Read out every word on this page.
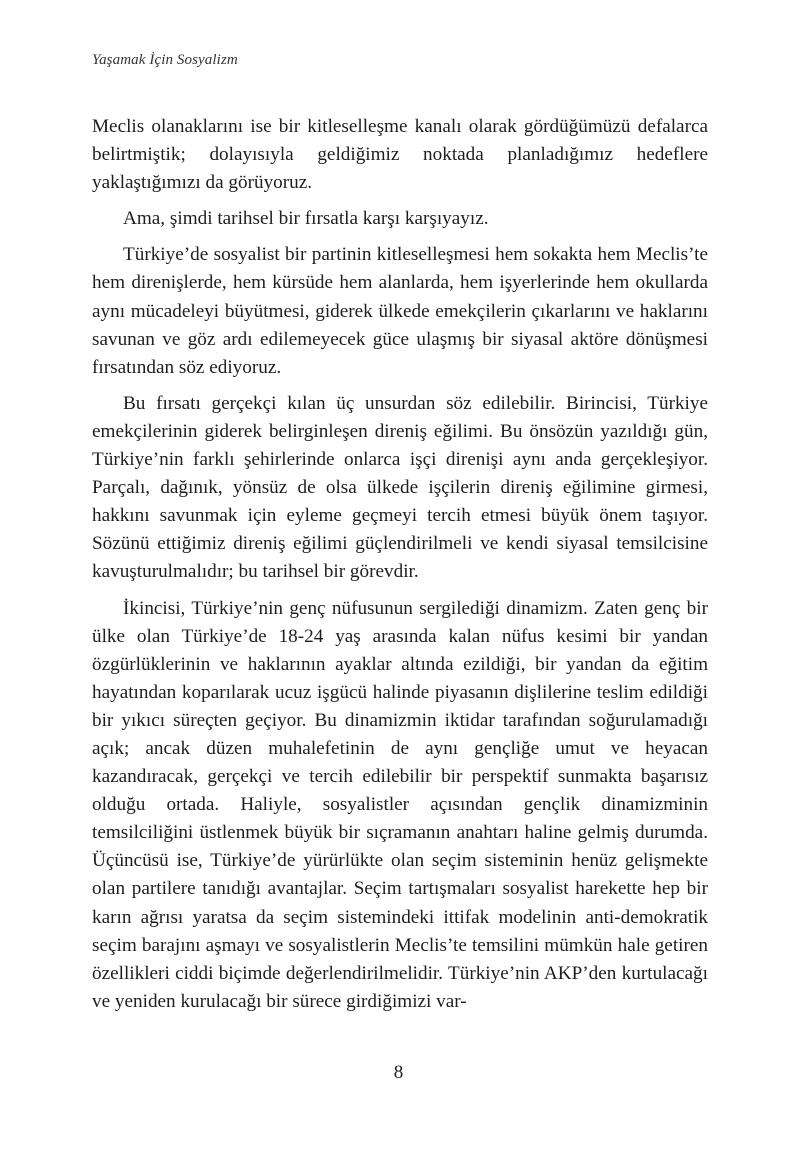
Yaşamak İçin Sosyalizm

Meclis olanaklarını ise bir kitleselleşme kanalı olarak gördüğümüzü defalarca belirtmiştik; dolayısıyla geldiğimiz noktada planladığımız hedeflere yaklaştığımızı da görüyoruz.

Ama, şimdi tarihsel bir fırsatla karşı karşıyayız.

Türkiye’de sosyalist bir partinin kitleselleşmesi hem sokakta hem Meclis’te hem direnişlerde, hem kürsüde hem alanlarda, hem işyerlerinde hem okullarda aynı mücadeleyi büyütmesi, giderek ülkede emekçilerin çıkarlarını ve haklarını savunan ve göz ardı edilemeyecek güce ulaşmış bir siyasal aktöre dönüşmesi fırsatından söz ediyoruz.

Bu fırsatı gerçekçi kılan üç unsurdan söz edilebilir. Birincisi, Türkiye emekçilerinin giderek belirginleşen direniş eğilimi. Bu önsözün yazıldığı gün, Türkiye’nin farklı şehirlerinde onlarca işçi direnişi aynı anda gerçekleşiyor. Parçalı, dağınık, yönsüz de olsa ülkede işçilerin direniş eğilimine girmesi, hakkını savunmak için eyleme geçmeyi tercih etmesi büyük önem taşıyor. Sözünü ettiğimiz direniş eğilimi güçlendirilmeli ve kendi siyasal temsilcisine kavuşturulmalıdır; bu tarihsel bir görevdir.

İkincisi, Türkiye’nin genç nüfusunun sergilediği dinamizm. Zaten genç bir ülke olan Türkiye’de 18-24 yaş arasında kalan nüfus kesimi bir yandan özgürlüklerinin ve haklarının ayaklar altında ezildiği, bir yandan da eğitim hayatından koparılarak ucuz işgücü halinde piyasanın dişlilerine teslim edildiği bir yıkıcı süreçten geçiyor. Bu dinamizmin iktidar tarafından soğurulamadığı açık; ancak düzen muhalefetinin de aynı gençliğe umut ve heyacan kazandıracak, gerçekçi ve tercih edilebilir bir perspektif sunmakta başarısız olduğu ortada. Haliyle, sosyalistler açısından gençlik dinamizminin temsilciliğini üstlenmek büyük bir sıçramanın anahtarı haline gelmiş durumda. Üçüncüsü ise, Türkiye’de yürürlükte olan seçim sisteminin henüz gelişmekte olan partilere tanıdığı avantajlar. Seçim tartışmaları sosyalist harekette hep bir karın ağrısı yaratsa da seçim sistemindeki ittifak modelinin anti-demokratik seçim barajını aşmayı ve sosyalistlerin Meclis’te temsilini mümkün hale getiren özellikleri ciddi biçimde değerlendirilmelidir. Türkiye’nin AKP’den kurtulacağı ve yeniden kurulacağı bir sürece girdiğimizi var-

8
